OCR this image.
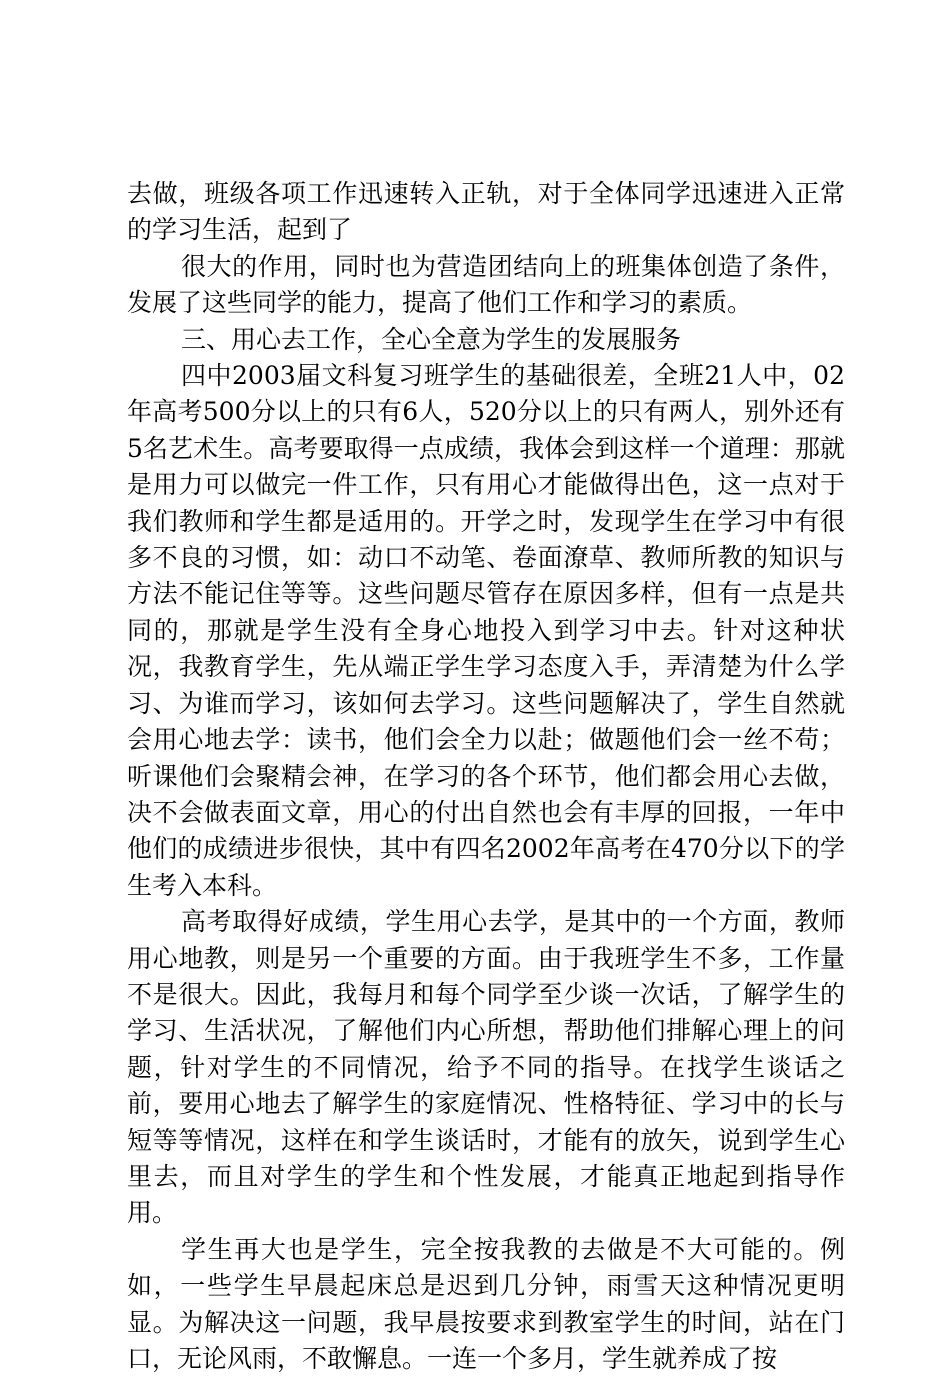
去做，班级各项工作迅速转入正轨，对于全体同学迅速进入正常的学习生活，起到了

很大的作用，同时也为营造团结向上的班集体创造了条件，发展了这些同学的能力，提高了他们工作和学习的素质。

三、用心去工作，全心全意为学生的发展服务

四中2003届文科复习班学生的基础很差，全班21人中，02年高考500分以上的只有6人，520分以上的只有两人，别外还有5名艺术生。高考要取得一点成绩，我体会到这样一个道理：那就是用力可以做完一件工作，只有用心才能做得出色，这一点对于我们教师和学生都是适用的。开学之时，发现学生在学习中有很多不良的习惯，如：动口不动笔、卷面潦草、教师所教的知识与方法不能记住等等。这些问题尽管存在原因多样，但有一点是共同的，那就是学生没有全身心地投入到学习中去。针对这种状况，我教育学生，先从端正学生学习态度入手，弄清楚为什么学习、为谁而学习，该如何去学习。这些问题解决了，学生自然就会用心地去学：读书，他们会全力以赴；做题他们会一丝不苟；听课他们会聚精会神，在学习的各个环节，他们都会用心去做，决不会做表面文章，用心的付出自然也会有丰厚的回报，一年中他们的成绩进步很快，其中有四名2002年高考在470分以下的学生考入本科。

高考取得好成绩，学生用心去学，是其中的一个方面，教师用心地教，则是另一个重要的方面。由于我班学生不多，工作量不是很大。因此，我每月和每个同学至少谈一次话，了解学生的学习、生活状况，了解他们内心所想，帮助他们排解心理上的问题，针对学生的不同情况，给予不同的指导。在找学生谈话之前，要用心地去了解学生的家庭情况、性格特征、学习中的长与短等等情况，这样在和学生谈话时，才能有的放矢，说到学生心里去，而且对学生的学生和个性发展，才能真正地起到指导作用。

学生再大也是学生，完全按我教的去做是不大可能的。例如，一些学生早晨起床总是迟到几分钟，雨雪天这种情况更明显。为解决这一问题，我早晨按要求到教室学生的时间，站在门口，无论风雨，不敢懈息。一连一个多月，学生就养成了按
